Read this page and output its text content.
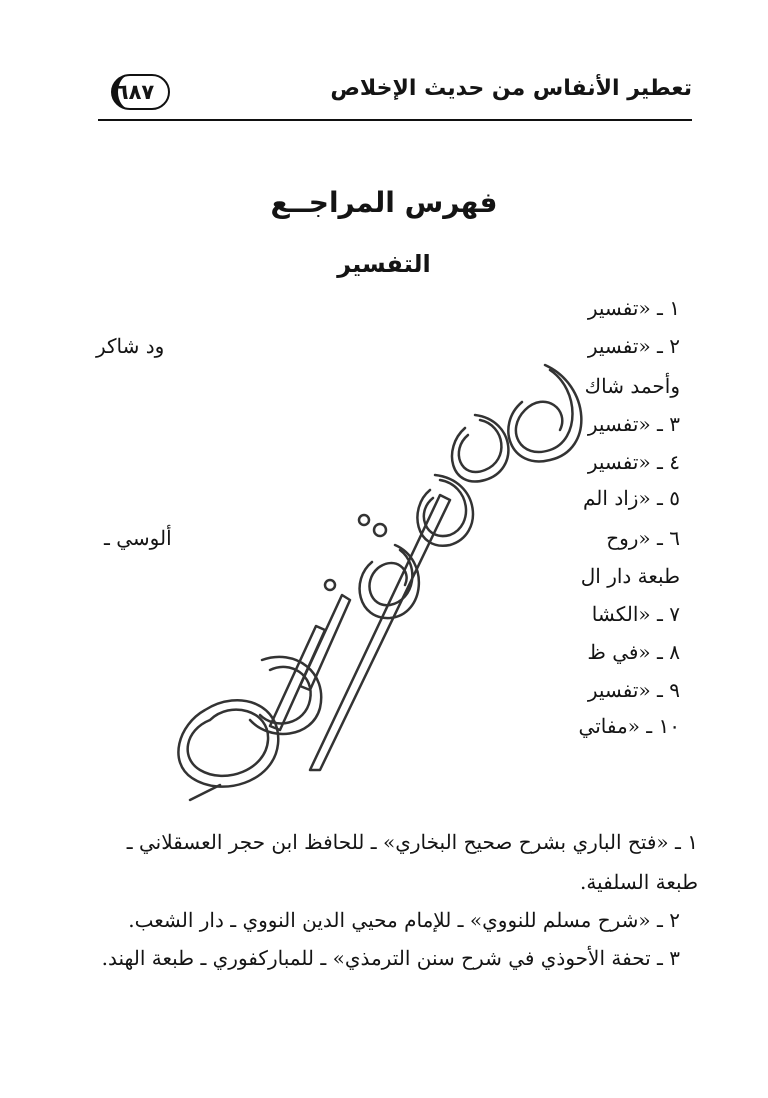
تعطير الأنفاس من حديث الإخلاص
٦٨٧
فهرس المراجــع
التفسير
١ ـ «تفسير
٢ ـ «تفسير
وأحمد شاك
٣ ـ «تفسير
٤ ـ «تفسير
٥ ـ «زاد الم
٦ ـ «روح
طبعة دار ال
٧ ـ «الكشا
٨ ـ «في ظ
٩ ـ «تفسير
١٠ ـ «مفاتي
ود شاكر
ألوسي ـ
١ ـ «فتح الباري بشرح صحيح البخاري» ـ للحافظ ابن حجر العسقلاني ـ
طبعة السلفية.
٢ ـ «شرح مسلم للنووي» ـ للإمام محيي الدين النووي ـ دار الشعب.
٣ ـ تحفة الأحوذي في شرح سنن الترمذي» ـ للمباركفوري ـ طبعة الهند.
